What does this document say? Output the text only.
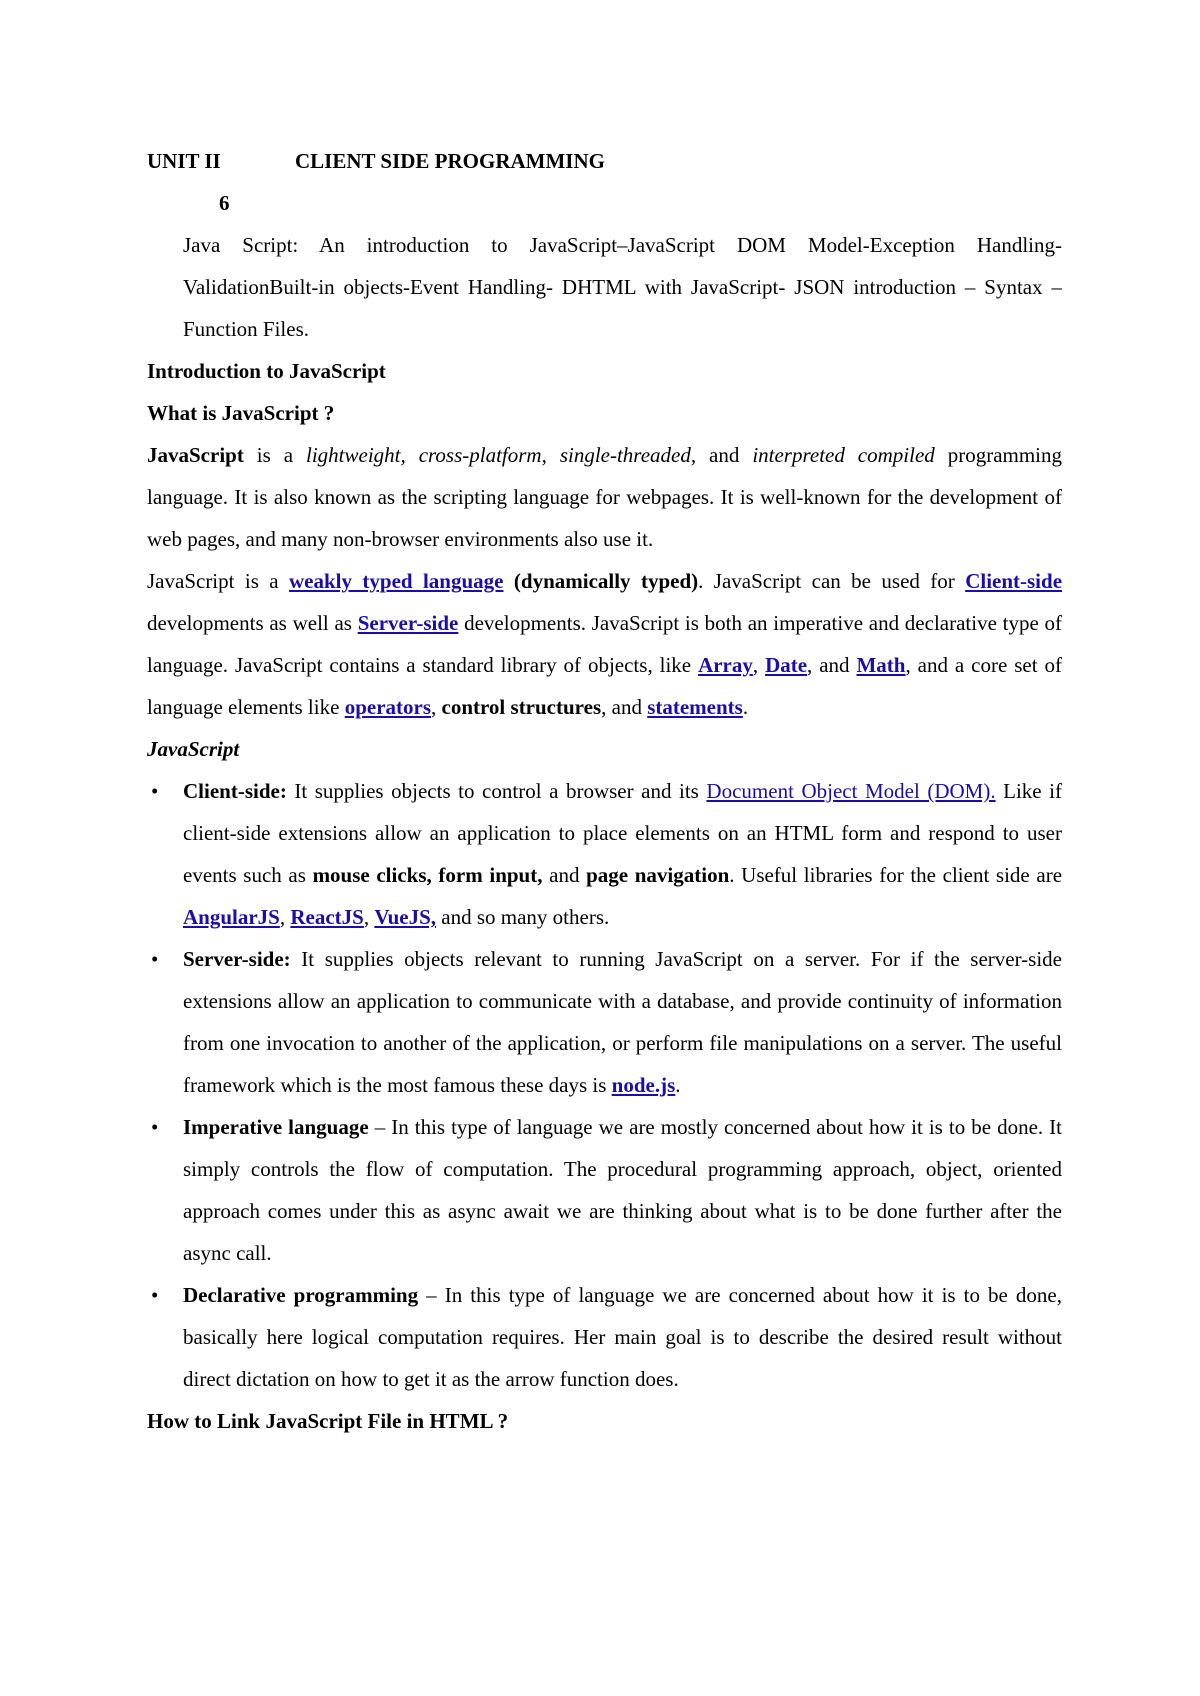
UNIT II	CLIENT SIDE PROGRAMMING
6
Java Script: An introduction to JavaScript–JavaScript DOM Model-Exception Handling-ValidationBuilt-in objects-Event Handling- DHTML with JavaScript- JSON introduction – Syntax – Function Files.
Introduction to JavaScript
What is JavaScript ?

JavaScript is a lightweight, cross-platform, single-threaded, and interpreted compiled programming language. It is also known as the scripting language for webpages. It is well-known for the development of web pages, and many non-browser environments also use it.

JavaScript is a weakly typed language (dynamically typed). JavaScript can be used for Client-side developments as well as Server-side developments. JavaScript is both an imperative and declarative type of language. JavaScript contains a standard library of objects, like Array, Date, and Math, and a core set of language elements like operators, control structures, and statements.

JavaScript
• Client-side: It supplies objects to control a browser and its Document Object Model (DOM). Like if client-side extensions allow an application to place elements on an HTML form and respond to user events such as mouse clicks, form input, and page navigation. Useful libraries for the client side are AngularJS, ReactJS, VueJS, and so many others.
• Server-side: It supplies objects relevant to running JavaScript on a server. For if the server-side extensions allow an application to communicate with a database, and provide continuity of information from one invocation to another of the application, or perform file manipulations on a server. The useful framework which is the most famous these days is node.js.
• Imperative language – In this type of language we are mostly concerned about how it is to be done. It simply controls the flow of computation. The procedural programming approach, object, oriented approach comes under this as async await we are thinking about what is to be done further after the async call.
• Declarative programming – In this type of language we are concerned about how it is to be done, basically here logical computation requires. Her main goal is to describe the desired result without direct dictation on how to get it as the arrow function does.
How to Link JavaScript File in HTML ?
